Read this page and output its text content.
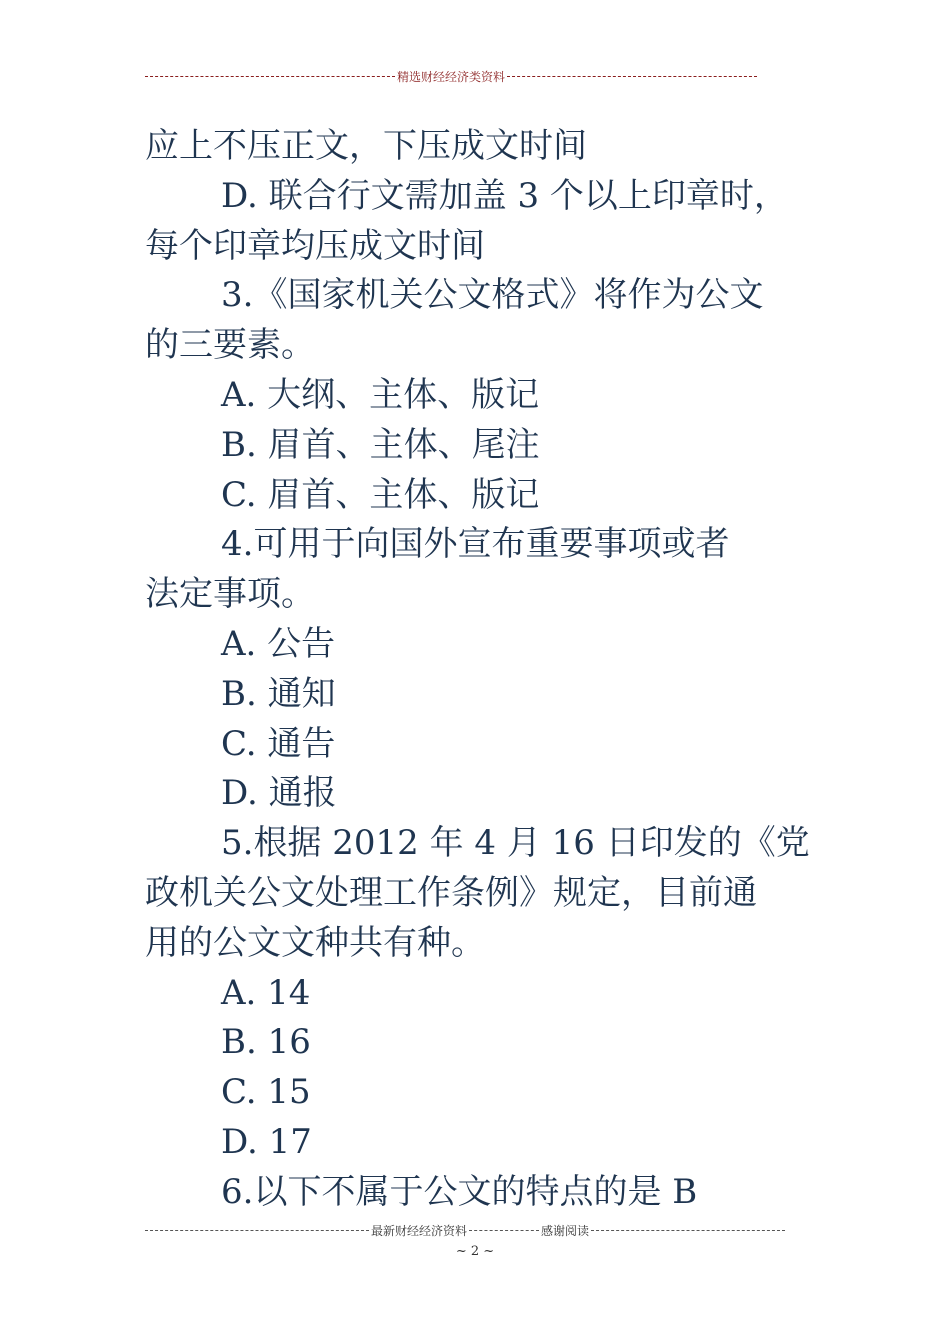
精选财经经济类资料
应上不压正文，下压成文时间
D. 联合行文需加盖 3 个以上印章时，
每个印章均压成文时间
3.《国家机关公文格式》将作为公文
的三要素。
A. 大纲、主体、版记
B. 眉首、主体、尾注
C. 眉首、主体、版记
4.可用于向国外宣布重要事项或者
法定事项。
A. 公告
B. 通知
C. 通告
D. 通报
5.根据 2012 年 4 月 16 日印发的《党
政机关公文处理工作条例》规定，目前通
用的公文文种共有种。
A. 14
B. 16
C. 15
D. 17
6.以下不属于公文的特点的是 B
最新财经经济资料	感谢阅读
~ 2 ~
